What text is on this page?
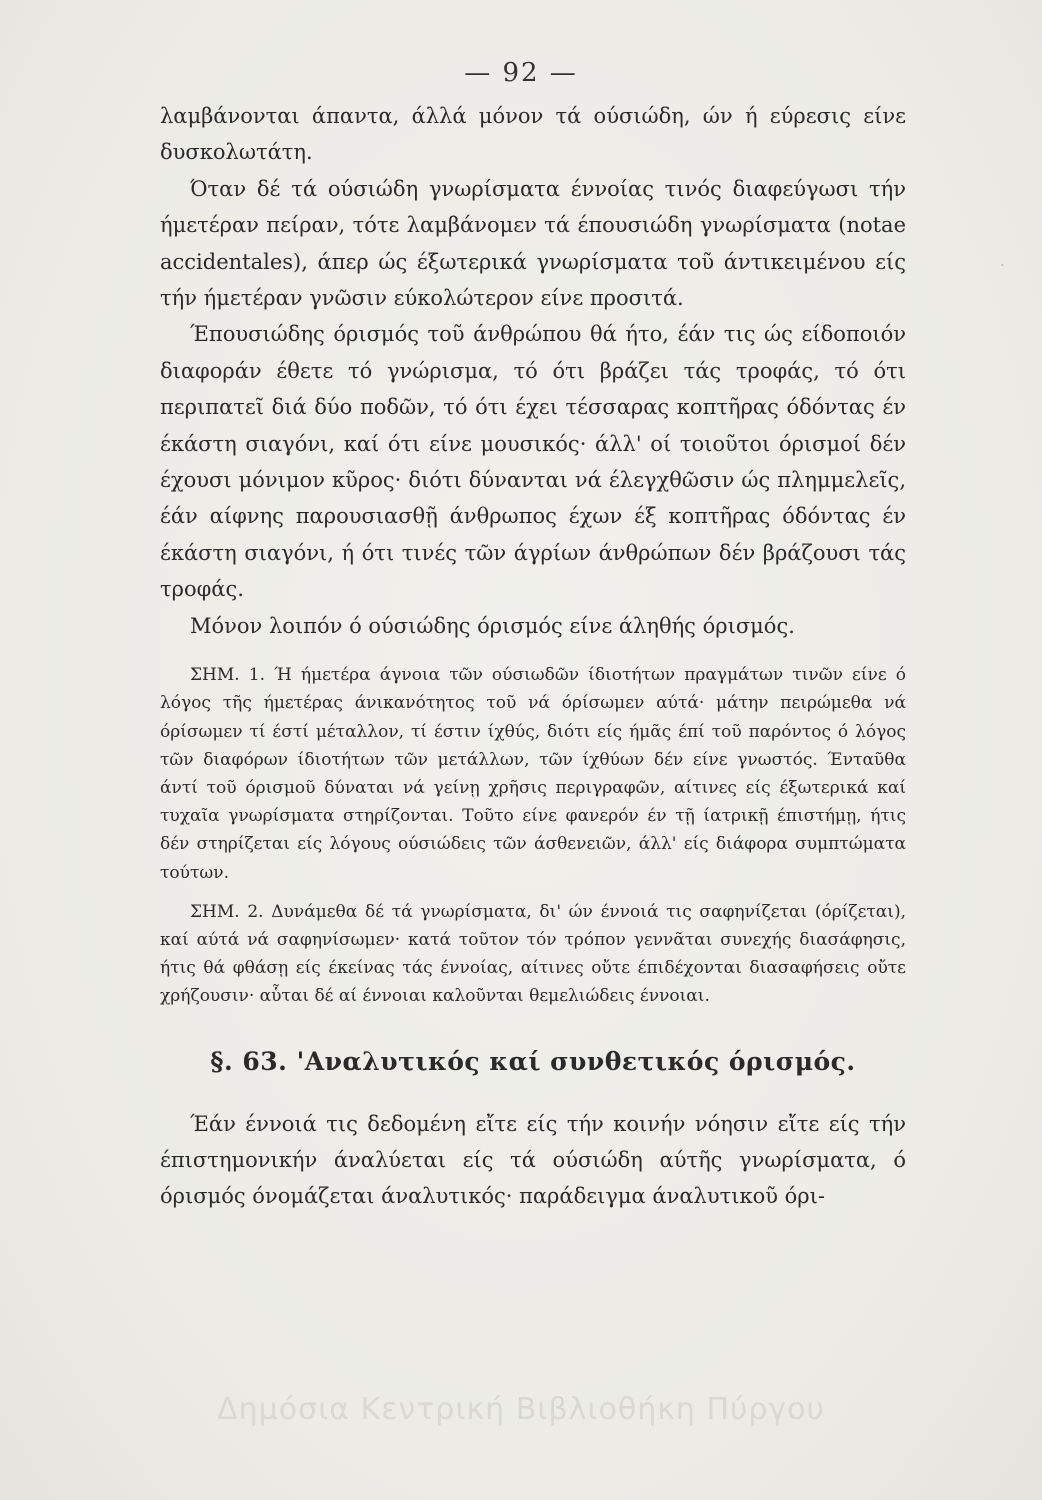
— 92 —
·

λαμβάνονται άπαντα, άλλά μόνον τά ούσιώδη, ών ή εύρεσις είνε δυσκολωτάτη.

Όταν δέ τά ούσιώδη γνωρίσματα έννοίας τινός διαφεύγωσι τήν ήμετέραν πείραν, τότε λαμβάνομεν τά έπουσιώδη γνωρίσματα (notae accidentales), άπερ ώς έξωτερικά γνωρίσματα τοῦ άντικειμένου είς τήν ήμετέραν γνῶσιν εύκολώτερον είνε προσιτά.

Έπουσιώδης όρισμός τοῦ άνθρώπου θά ήτο, έάν τις ώς είδοποιόν διαφοράν έθετε τό γνώρισμα, τό ότι βράζει τάς τροφάς, τό ότι περιπατεῖ διά δύο ποδῶν, τό ότι έχει τέσσαρας κοπτῆρας όδόντας έν έκάστη σιαγόνι, καί ότι είνε μουσικός· άλλ' οί τοιοῦτοι όρισμοί δέν έχουσι μόνιμον κῦρος· διότι δύνανται νά έλεγχθῶσιν ώς πλημμελεῖς, έάν αίφνης παρουσιασθῇ άνθρωπος έχων έξ κοπτῆρας όδόντας έν έκάστη σιαγόνι, ή ότι τινές τῶν άγρίων άνθρώπων δέν βράζουσι τάς τροφάς.

Μόνον λοιπόν ό ούσιώδης όρισμός είνε άληθής όρισμός.

ΣΗΜ. 1. Ή ήμετέρα άγνοια τῶν ούσιωδῶν ίδιοτήτων πραγμάτων τινῶν είνε ό λόγος τῆς ήμετέρας άνικανότητος τοῦ νά όρίσωμεν αύτά· μάτην πειρώμεθα νά όρίσωμεν τί έστί μέταλλον, τί έστιν ίχθύς, διότι είς ήμᾶς έπί τοῦ παρόντος ό λόγος τῶν διαφόρων ίδιοτήτων τῶν μετάλλων, τῶν ίχθύων δέν είνε γνωστός. Ένταῦθα άντί τοῦ όρισμοῦ δύναται νά γείνῃ χρῆσις περιγραφῶν, αίτινες είς έξωτερικά καί τυχαῖα γνωρίσματα στηρίζονται. Τοῦτο είνε φανερόν έν τῇ ίατρικῇ έπιστήμῃ, ήτις δέν στηρίζεται είς λόγους ούσιώδεις τῶν άσθενειῶν, άλλ' είς διάφορα συμπτώματα τούτων.

ΣΗΜ. 2. Δυνάμεθα δέ τά γνωρίσματα, δι' ών έννοιά τις σαφηνίζεται (όρίζεται), καί αύτά νά σαφηνίσωμεν· κατά τοῦτον τόν τρόπον γεννᾶται συνεχής διασάφησις, ήτις θά φθάσῃ είς έκείνας τάς έννοίας, αίτινες οὔτε έπιδέχονται διασαφήσεις οὔτε χρήζουσιν· αὗται δέ αί έννοιαι καλοῦνται θεμελιώδεις έννοιαι.

§. 63. 'Αναλυτικός καί συνθετικός όρισμός.

Έάν έννοιά τις δεδομένη εἴτε είς τήν κοινήν νόησιν εἴτε είς τήν έπιστημονικήν άναλύεται είς τά ούσιώδη αύτῆς γνωρίσματα, ό όρισμός όνομάζεται άναλυτικός· παράδειγμα άναλυτικοῦ όρι-

Δημόσια Κεντρική Βιβλιοθήκη Πύργου
